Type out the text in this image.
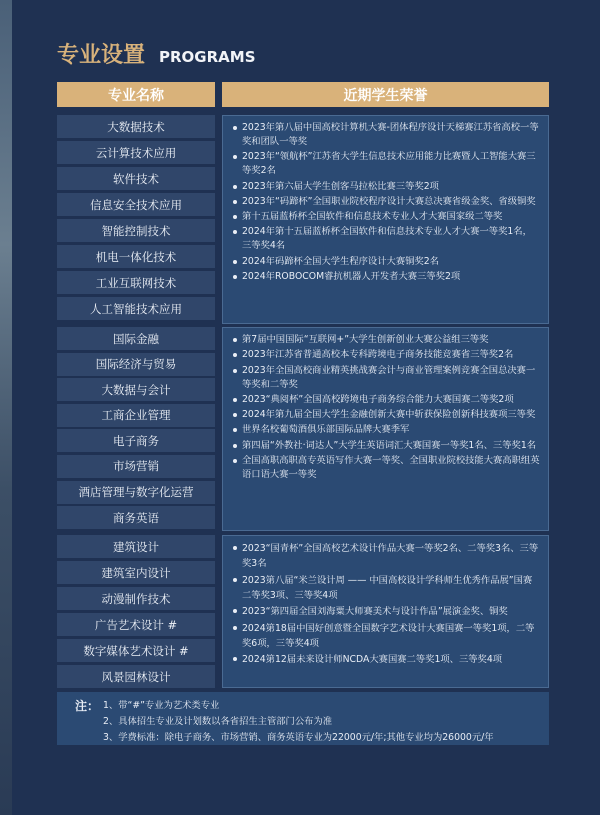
专业设置 PROGRAMS
专业名称	近期学生荣誉
大数据技术
云计算技术应用
软件技术
信息安全技术应用
智能控制技术
机电一体化技术
工业互联网技术
人工智能技术应用
2023年第八届中国高校计算机大赛-团体程序设计天梯赛江苏省高校一等奖和团队一等奖
2023年“领航杯”江苏省大学生信息技术应用能力比赛暨人工智能大赛三等奖2名
2023年第六届大学生创客马拉松比赛三等奖2项
2023年“码蹄杯”全国职业院校程序设计大赛总决赛省级金奖、省级铜奖
第十五届蓝桥杯全国软件和信息技术专业人才大赛国家级二等奖
2024年第十五届蓝桥杯全国软件和信息技术专业人才大赛一等奖1名，三等奖4名
2024年码蹄杯全国大学生程序设计大赛铜奖2名
2024年ROBOCOM睿抗机器人开发者大赛三等奖2项
国际金融
国际经济与贸易
大数据与会计
工商企业管理
电子商务
市场营销
酒店管理与数字化运营
商务英语
第7届中国国际“互联网+”大学生创新创业大赛公益组三等奖
2023年江苏省普通高校本专科跨境电子商务技能竞赛省三等奖2名
2023年全国高校商业精英挑战赛会计与商业管理案例竞赛全国总决赛一等奖和二等奖
2023“典阅杯”全国高校跨境电子商务综合能力大赛国赛二等奖2项
2024年第九届全国大学生金融创新大赛中斩获保险创新科技赛项三等奖
世界名校葡萄酒俱乐部国际品牌大赛季军
第四届“外教社·词达人”大学生英语词汇大赛国赛一等奖1名、三等奖1名
全国高职高职高专英语写作大赛一等奖、全国职业院校技能大赛高职组英语口语大赛一等奖
建筑设计
建筑室内设计
动漫制作技术
广告艺术设计 #
数字媒体艺术设计 #
风景园林设计
2023“国青杯”全国高校艺术设计作品大赛一等奖2名、二等奖3名、三等奖3名
2023第八届“米兰设计周 —— 中国高校设计学科师生优秀作品展”国赛二等奖3项、三等奖4项
2023“第四届全国刘海粟大师赛美术与设计作品”展演金奖、铜奖
2024第18届中国好创意暨全国数字艺术设计大赛国赛一等奖1项，二等奖6项，三等奖4项
2024第12届未来设计师NCDA大赛国赛二等奖1项、三等奖4项
注： 1、带“#”专业为艺术类专业
2、具体招生专业及计划数以各省招生主管部门公布为准
3、学费标准：除电子商务、市场营销、商务英语专业为22000元/年;其他专业均为26000元/年
